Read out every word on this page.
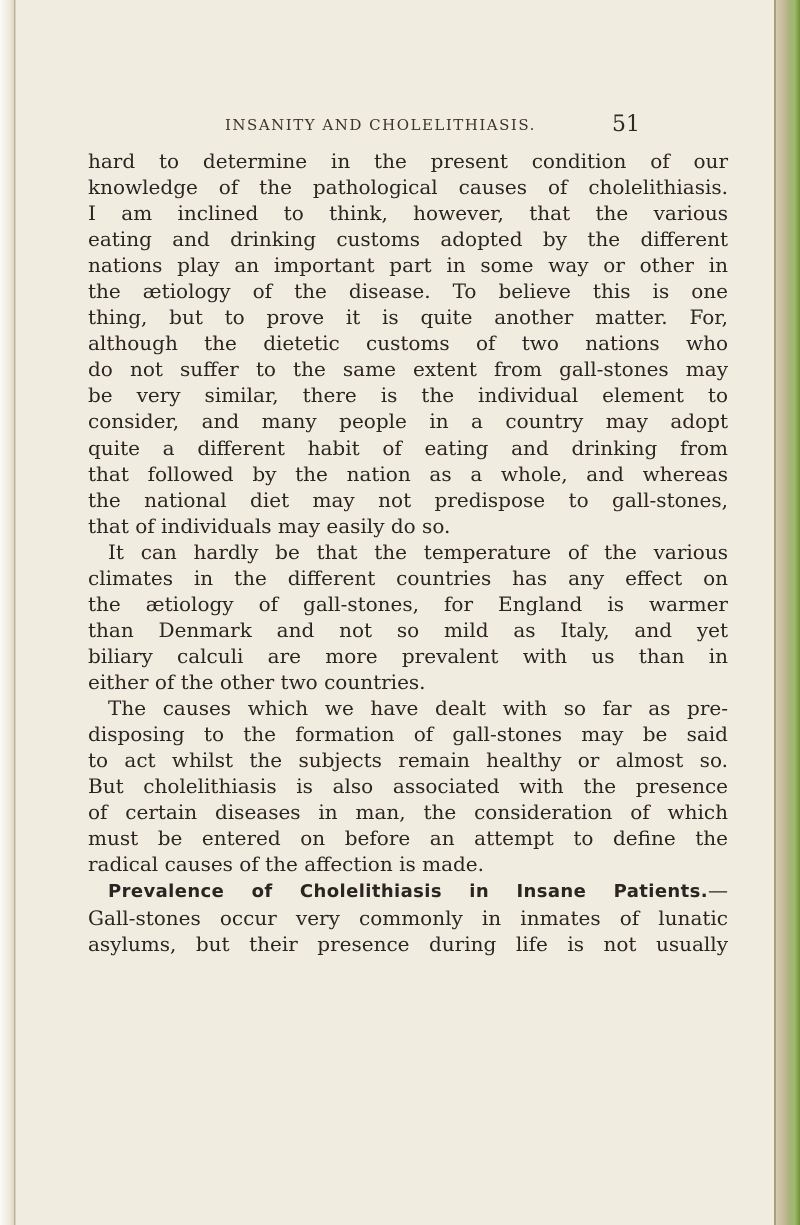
INSANITY AND CHOLELITHIASIS.	51

hard to determine in the present condition of our
knowledge of the pathological causes of cholelithiasis.
I am inclined to think, however, that the various
eating and drinking customs adopted by the different
nations play an important part in some way or other in
the ætiology of the disease. To believe this is one
thing, but to prove it is quite another matter. For,
although the dietetic customs of two nations who
do not suffer to the same extent from gall-stones may
be very similar, there is the individual element to
consider, and many people in a country may adopt
quite a different habit of eating and drinking from
that followed by the nation as a whole, and whereas
the national diet may not predispose to gall-stones,
that of individuals may easily do so.

It can hardly be that the temperature of the various
climates in the different countries has any effect on
the ætiology of gall-stones, for England is warmer
than Denmark and not so mild as Italy, and yet
biliary calculi are more prevalent with us than in
either of the other two countries.

The causes which we have dealt with so far as pre-
disposing to the formation of gall-stones may be said
to act whilst the subjects remain healthy or almost so.
But cholelithiasis is also associated with the presence
of certain diseases in man, the consideration of which
must be entered on before an attempt to define the
radical causes of the affection is made.

Prevalence of Cholelithiasis in Insane Patients.—
Gall-stones occur very commonly in inmates of lunatic
asylums, but their presence during life is not usually
